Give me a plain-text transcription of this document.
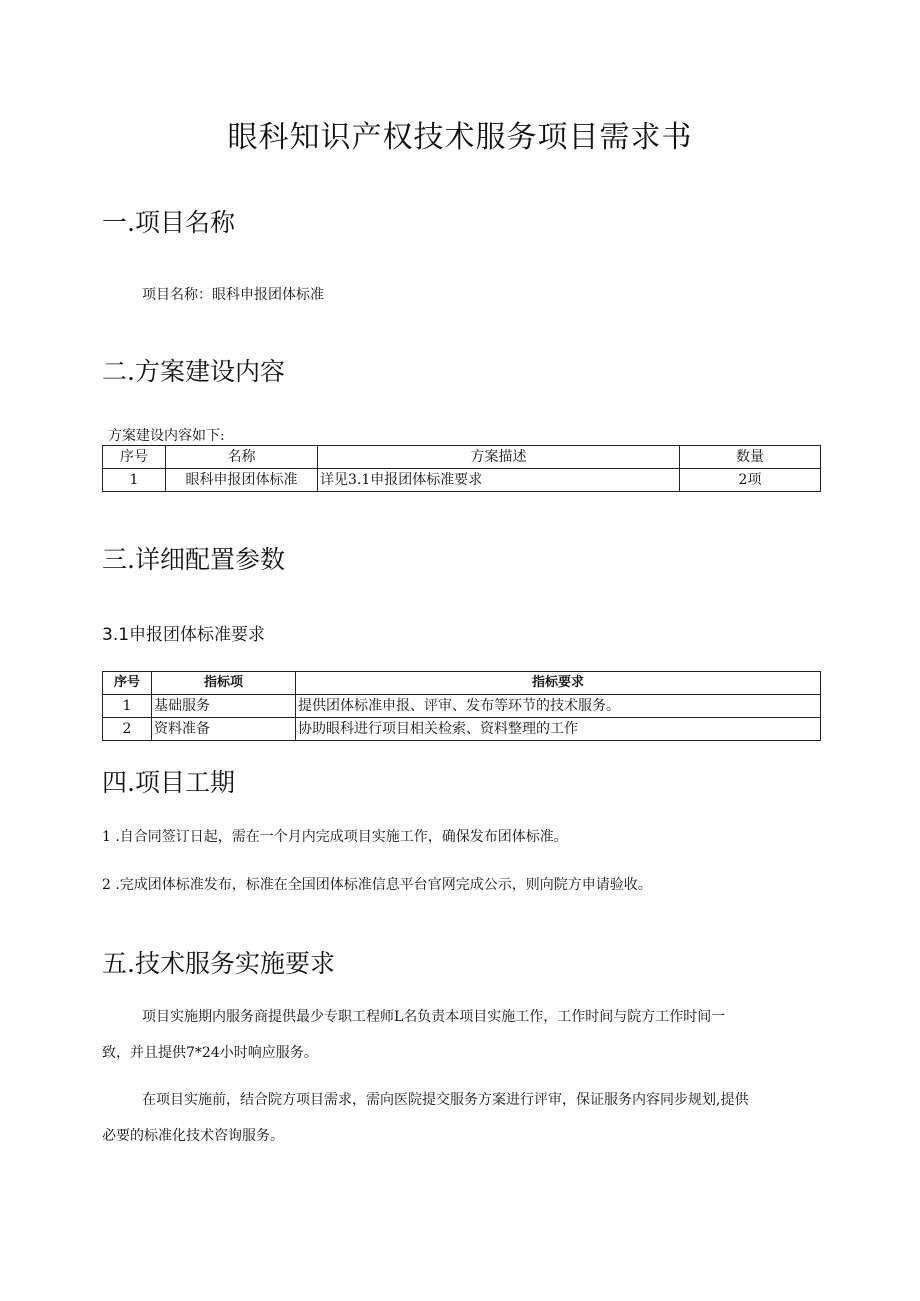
眼科知识产权技术服务项目需求书
一.项目名称
项目名称：眼科申报团体标准
二.方案建设内容
方案建设内容如下:
序号	名称	方案描述	数量
1	眼科申报团体标准	详见3.1申报团体标准要求	2项
三.详细配置参数
3.1申报团体标准要求
序号	指标项	指标要求
1	基础服务	提供团体标准申报、评审、发布等环节的技术服务。
2	资料准备	协助眼科进行项目相关检索、资料整理的工作
四.项目工期
1 .自合同签订日起，需在一个月内完成项目实施工作，确保发布团体标准。
2 .完成团体标准发布，标准在全国团体标准信息平台官网完成公示，则向院方申请验收。
五.技术服务实施要求
项目实施期内服务商提供最少专职工程师L名负责本项目实施工作，工作时间与院方工作时间一
致，并且提供7*24小时响应服务。
在项目实施前，结合院方项目需求，需向医院提交服务方案进行评审，保证服务内容同步规划,提供
必要的标准化技术咨询服务。
